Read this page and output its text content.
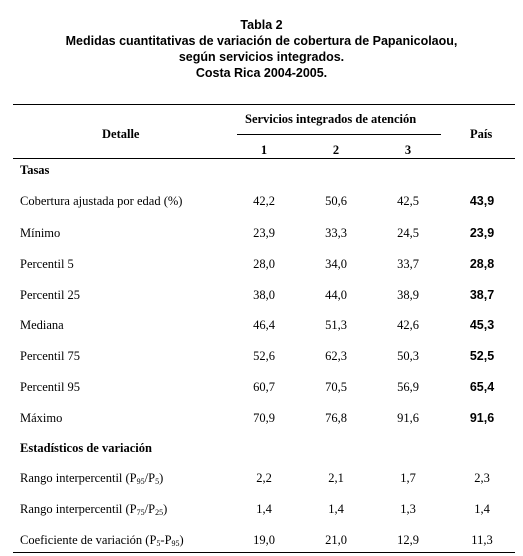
Tabla 2
Medidas cuantitativas de variación de cobertura de Papanicolaou,
según servicios integrados.
Costa Rica 2004-2005.
Detalle
Servicios integrados de atención
País
1	2	3
Tasas
Cobertura ajustada por edad (%)	42,2	50,6	42,5	43,9
Mínimo	23,9	33,3	24,5	23,9
Percentil 5	28,0	34,0	33,7	28,8
Percentil 25	38,0	44,0	38,9	38,7
Mediana	46,4	51,3	42,6	45,3
Percentil 75	52,6	62,3	50,3	52,5
Percentil 95	60,7	70,5	56,9	65,4
Máximo	70,9	76,8	91,6	91,6
Estadísticos de variación
Rango interpercentil $(P_{95}/P_5)$	2,2	2,1	1,7	2,3
Rango interpercentil $(P_{75}/P_{25})$	1,4	1,4	1,3	1,4
Coeficiente de variación $(P_5-P_{95})$	19,0	21,0	12,9	11,3
